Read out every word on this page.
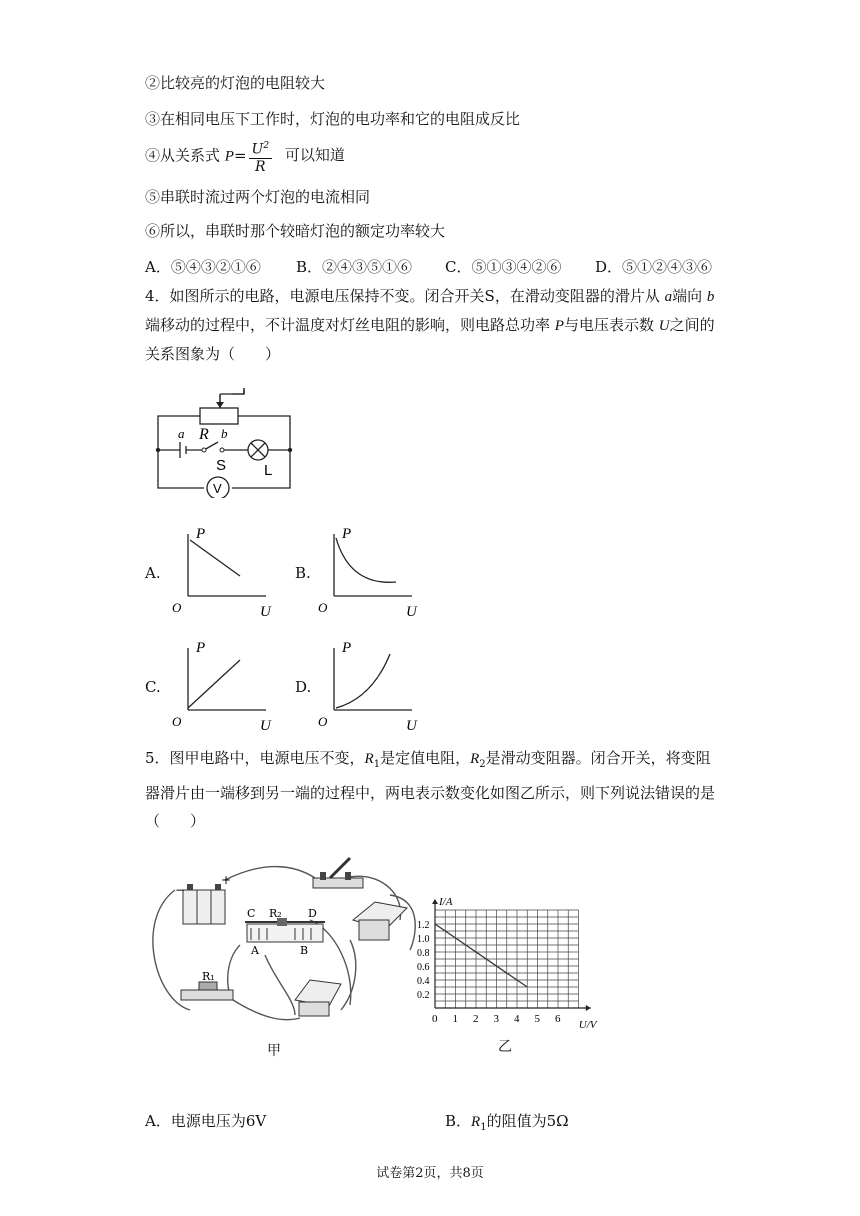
②比较亮的灯泡的电阻较大
③在相同电压下工作时，灯泡的电功率和它的电阻成反比
④从关系式 $P= \frac{U^2}{R}$ 可以知道
⑤串联时流过两个灯泡的电流相同
⑥所以，串联时那个较暗灯泡的额定功率较大
A．⑤④③②①⑥ B．②④③⑤①⑥ C．⑤①③④②⑥ D．⑤①②④③⑥
4．如图所示的电路，电源电压保持不变。闭合开关S，在滑动变阻器的滑片从 a端向 b端移动的过程中，不计温度对灯丝电阻的影响，则电路总功率 P与电压表示数 U之间的关系图象为（　　）
a R b
S	L
V
A.	B.
C.	D.
P
U
O
P
U
O
P
U
O
P
U
O
5．图甲电路中，电源电压不变，$R_1$是定值电阻，$R_2$是滑动变阻器。闭合开关，将变阻器滑片由一端移到另一端的过程中，两电表示数变化如图乙所示，则下列说法错误的是（　　）
−
+
C R₂ D
A	B
R₁
甲
0 1 2 3 4 5 6
1.2
1.0
0.8
0.6
0.4
0.2
U/V
I/A
乙
A．电源电压为6V	B．$R_1$的阻值为5Ω
试卷第2页，共8页
